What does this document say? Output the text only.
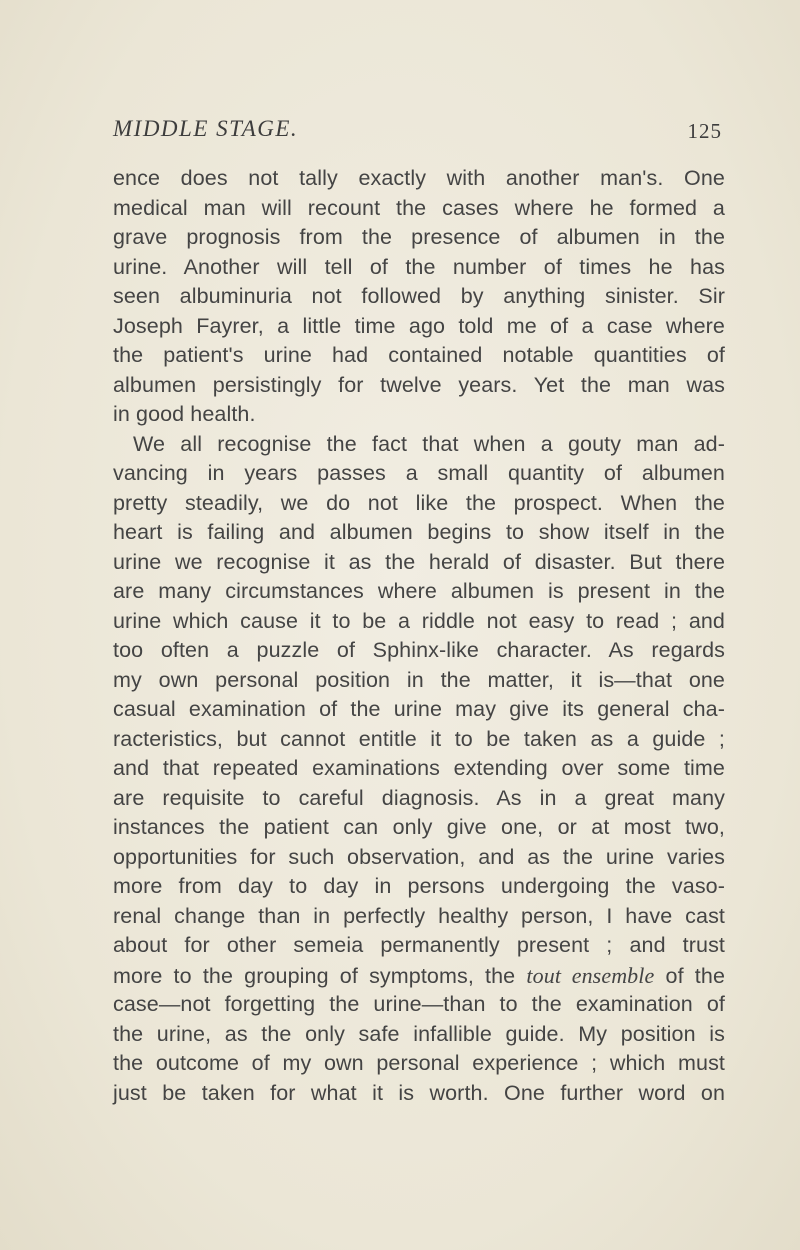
MIDDLE STAGE.	125
ence does not tally exactly with another man's. One
medical man will recount the cases where he formed a
grave prognosis from the presence of albumen in the
urine. Another will tell of the number of times he has
seen albuminuria not followed by anything sinister. Sir
Joseph Fayrer, a little time ago told me of a case where
the patient's urine had contained notable quantities of
albumen persistingly for twelve years. Yet the man was
in good health.
We all recognise the fact that when a gouty man ad-
vancing in years passes a small quantity of albumen
pretty steadily, we do not like the prospect. When the
heart is failing and albumen begins to show itself in the
urine we recognise it as the herald of disaster. But there
are many circumstances where albumen is present in the
urine which cause it to be a riddle not easy to read ; and
too often a puzzle of Sphinx-like character. As regards
my own personal position in the matter, it is—that one
casual examination of the urine may give its general cha-
racteristics, but cannot entitle it to be taken as a guide ;
and that repeated examinations extending over some time
are requisite to careful diagnosis. As in a great many
instances the patient can only give one, or at most two,
opportunities for such observation, and as the urine varies
more from day to day in persons undergoing the vaso-
renal change than in perfectly healthy person, I have cast
about for other semeia permanently present ; and trust
more to the grouping of symptoms, the tout ensemble of the
case—not forgetting the urine—than to the examination of
the urine, as the only safe infallible guide. My position is
the outcome of my own personal experience ; which must
just be taken for what it is worth. One further word on
